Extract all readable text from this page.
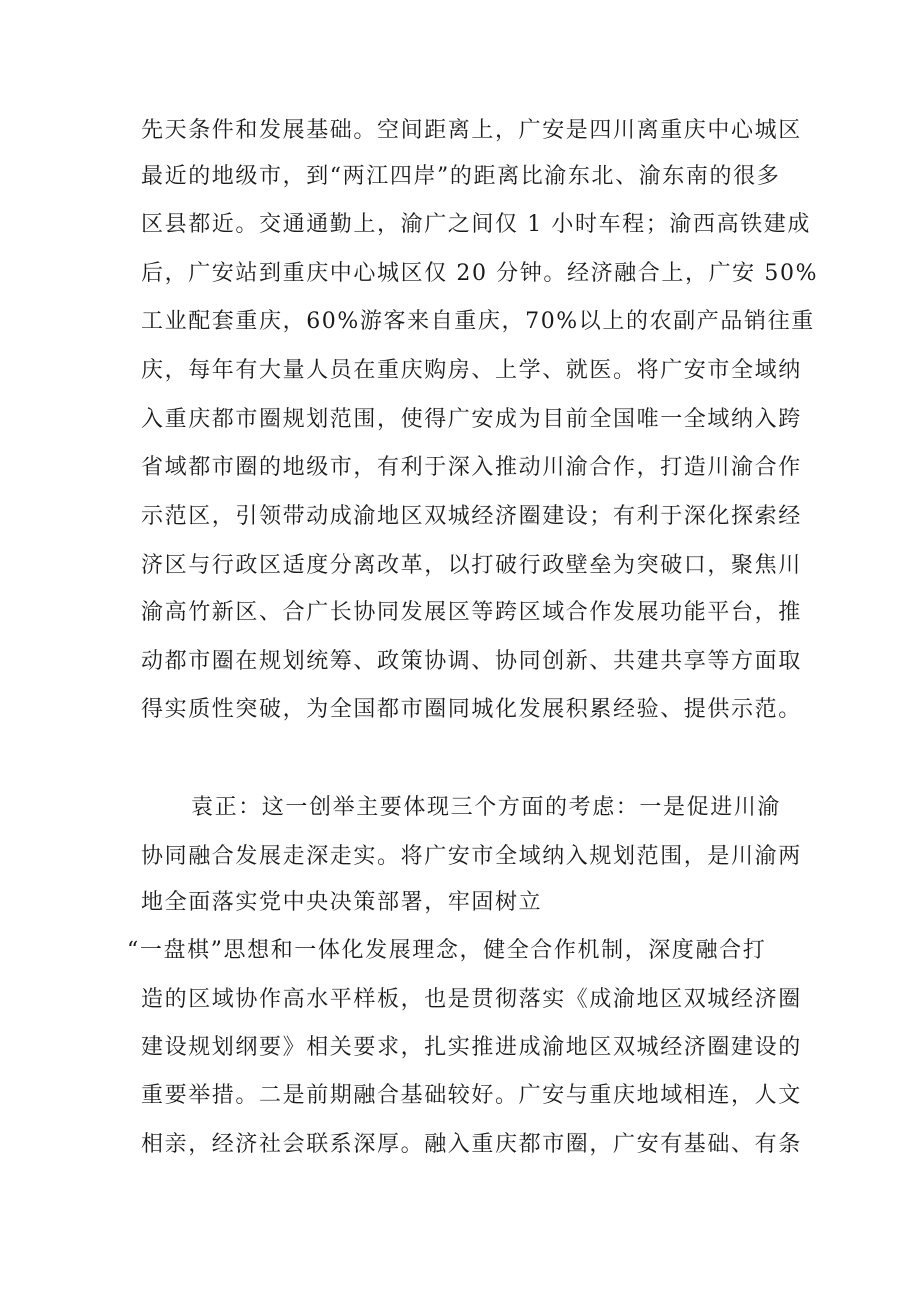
先天条件和发展基础。空间距离上，广安是四川离重庆中心城区
最近的地级市，到“两江四岸”的距离比渝东北、渝东南的很多
区县都近。交通通勤上，渝广之间仅 1 小时车程；渝西高铁建成
后，广安站到重庆中心城区仅 20 分钟。经济融合上，广安 50%
工业配套重庆，60%游客来自重庆，70%以上的农副产品销往重
庆，每年有大量人员在重庆购房、上学、就医。将广安市全域纳
入重庆都市圈规划范围，使得广安成为目前全国唯一全域纳入跨
省域都市圈的地级市，有利于深入推动川渝合作，打造川渝合作
示范区，引领带动成渝地区双城经济圈建设；有利于深化探索经
济区与行政区适度分离改革，以打破行政壁垒为突破口，聚焦川
渝高竹新区、合广长协同发展区等跨区域合作发展功能平台，推
动都市圈在规划统筹、政策协调、协同创新、共建共享等方面取
得实质性突破，为全国都市圈同城化发展积累经验、提供示范。
袁正：这一创举主要体现三个方面的考虑：一是促进川渝
协同融合发展走深走实。将广安市全域纳入规划范围，是川渝两
地全面落实党中央决策部署，牢固树立
“一盘棋”思想和一体化发展理念，健全合作机制，深度融合打
造的区域协作高水平样板，也是贯彻落实《成渝地区双城经济圈
建设规划纲要》相关要求，扎实推进成渝地区双城经济圈建设的
重要举措。二是前期融合基础较好。广安与重庆地域相连，人文
相亲，经济社会联系深厚。融入重庆都市圈，广安有基础、有条
